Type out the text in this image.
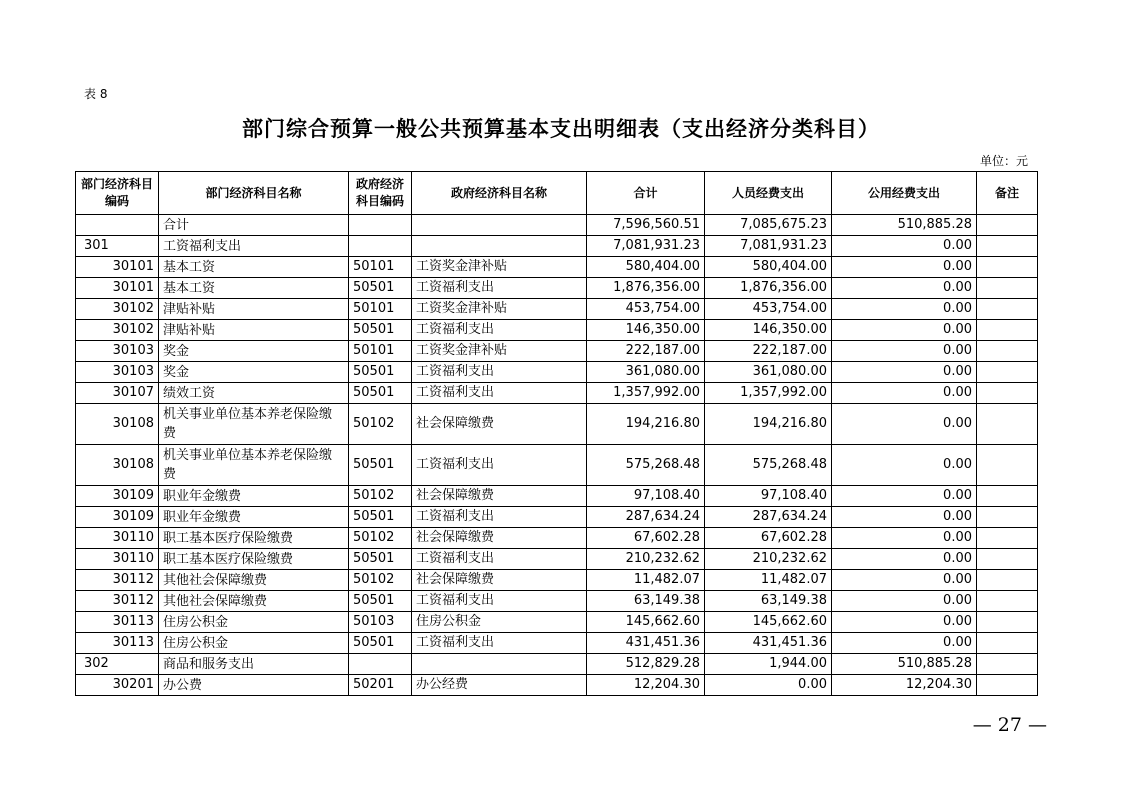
表 8
部门综合预算一般公共预算基本支出明细表（支出经济分类科目）
单位：元
部门经济科目编码	部门经济科目名称	政府经济科目编码	政府经济科目名称	合计	人员经费支出	公用经费支出	备注
	合计			7,596,560.51	7,085,675.23	510,885.28	
301	工资福利支出			7,081,931.23	7,081,931.23	0.00	
30101	基本工资	50101	工资奖金津补贴	580,404.00	580,404.00	0.00	
30101	基本工资	50501	工资福利支出	1,876,356.00	1,876,356.00	0.00	
30102	津贴补贴	50101	工资奖金津补贴	453,754.00	453,754.00	0.00	
30102	津贴补贴	50501	工资福利支出	146,350.00	146,350.00	0.00	
30103	奖金	50101	工资奖金津补贴	222,187.00	222,187.00	0.00	
30103	奖金	50501	工资福利支出	361,080.00	361,080.00	0.00	
30107	绩效工资	50501	工资福利支出	1,357,992.00	1,357,992.00	0.00	
30108	机关事业单位基本养老保险缴费	50102	社会保障缴费	194,216.80	194,216.80	0.00	
30108	机关事业单位基本养老保险缴费	50501	工资福利支出	575,268.48	575,268.48	0.00	
30109	职业年金缴费	50102	社会保障缴费	97,108.40	97,108.40	0.00	
30109	职业年金缴费	50501	工资福利支出	287,634.24	287,634.24	0.00	
30110	职工基本医疗保险缴费	50102	社会保障缴费	67,602.28	67,602.28	0.00	
30110	职工基本医疗保险缴费	50501	工资福利支出	210,232.62	210,232.62	0.00	
30112	其他社会保障缴费	50102	社会保障缴费	11,482.07	11,482.07	0.00	
30112	其他社会保障缴费	50501	工资福利支出	63,149.38	63,149.38	0.00	
30113	住房公积金	50103	住房公积金	145,662.60	145,662.60	0.00	
30113	住房公积金	50501	工资福利支出	431,451.36	431,451.36	0.00	
302	商品和服务支出			512,829.28	1,944.00	510,885.28	
30201	办公费	50201	办公经费	12,204.30	0.00	12,204.30	
— 27 —
